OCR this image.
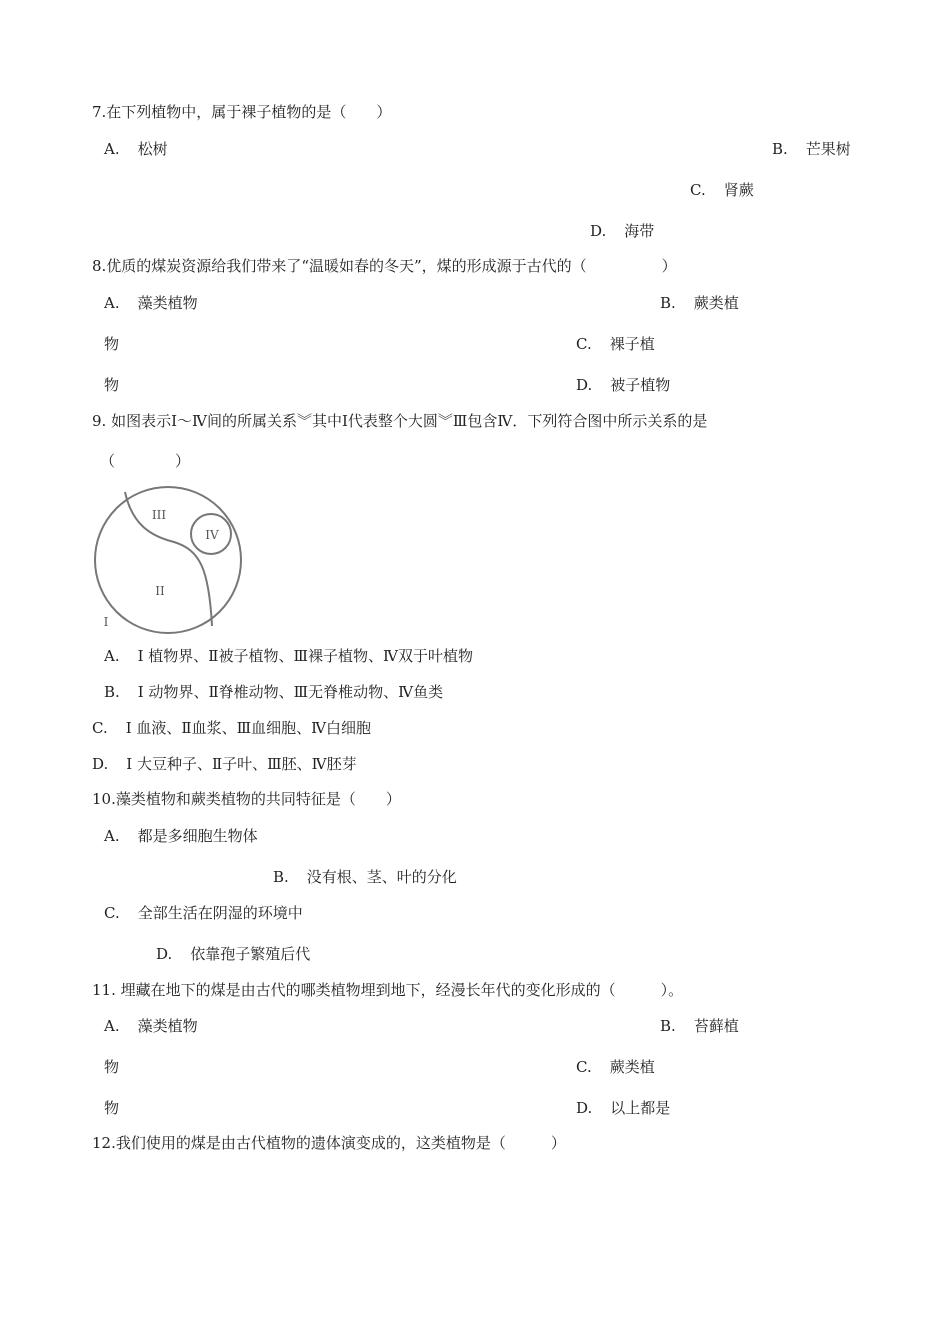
7.在下列植物中，属于裸子植物的是（　　）
A. 松树	B. 芒果树
C. 肾蕨
D. 海带
8.优质的煤炭资源给我们带来了“温暖如春的冬天”，煤的形成源于古代的（　　　　　）
A. 藻类植物	B. 蕨类植
物	C. 裸子植
物	D. 被子植物
9. 如图表示Ⅰ～Ⅳ间的所属关系︾其中Ⅰ代表整个大圆︾Ⅲ包含Ⅳ．下列符合图中所示关系的是
（　　　　）
III
IV
II
I
A. Ⅰ 植物界、Ⅱ被子植物、Ⅲ裸子植物、Ⅳ双于叶植物
B. Ⅰ 动物界、Ⅱ脊椎动物、Ⅲ无脊椎动物、Ⅳ鱼类
C. Ⅰ 血液、Ⅱ血浆、Ⅲ血细胞、Ⅳ白细胞
D. Ⅰ 大豆种子、Ⅱ子叶、Ⅲ胚、Ⅳ胚芽
10.藻类植物和蕨类植物的共同特征是（　　）
A. 都是多细胞生物体
B. 没有根、茎、叶的分化
C. 全部生活在阴湿的环境中
D. 依靠孢子繁殖后代
11. 埋藏在地下的煤是由古代的哪类植物埋到地下，经漫长年代的变化形成的（　　　）。
A. 藻类植物	B. 苔藓植
物	C. 蕨类植
物	D. 以上都是
12.我们使用的煤是由古代植物的遗体演变成的，这类植物是（　　　）
